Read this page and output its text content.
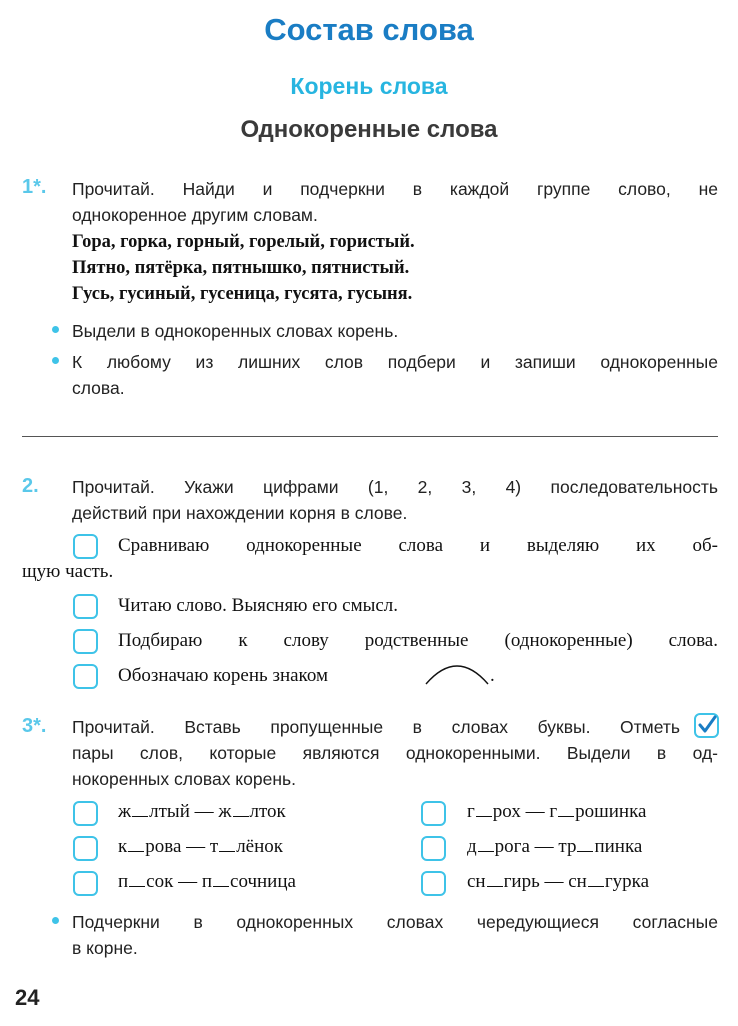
Состав слова
Корень слова
Однокоренные слова
1*. Прочитай. Найди и подчеркни в каждой группе слово, не
однокоренное другим словам.
Гора, горка, горный, горелый, гористый.
Пятно, пятёрка, пятнышко, пятнистый.
Гусь, гусиный, гусеница, гусята, гусыня.
Выдели в однокоренных словах корень.
К любому из лишних слов подбери и запиши однокоренные
слова.
2. Прочитай. Укажи цифрами (1, 2, 3, 4) последовательность
действий при нахождении корня в слове.
Сравниваю однокоренные слова и выделяю их об-
щую часть.
Читаю слово. Выясняю его смысл.
Подбираю к слову родственные (однокоренные) слова.
Обозначаю корень знаком	.
3*. Прочитай. Вставь пропущенные в словах буквы. Отметь
пары слов, которые являются однокоренными. Выдели в од-
нокоренных словах корень.
ж лтый — ж лток
к рова — т лёнок
п сок — п сочница
г рох — г рошинка
д рога — тр пинка
сн гирь — сн гурка
Подчеркни в однокоренных словах чередующиеся согласные
в корне.
24
